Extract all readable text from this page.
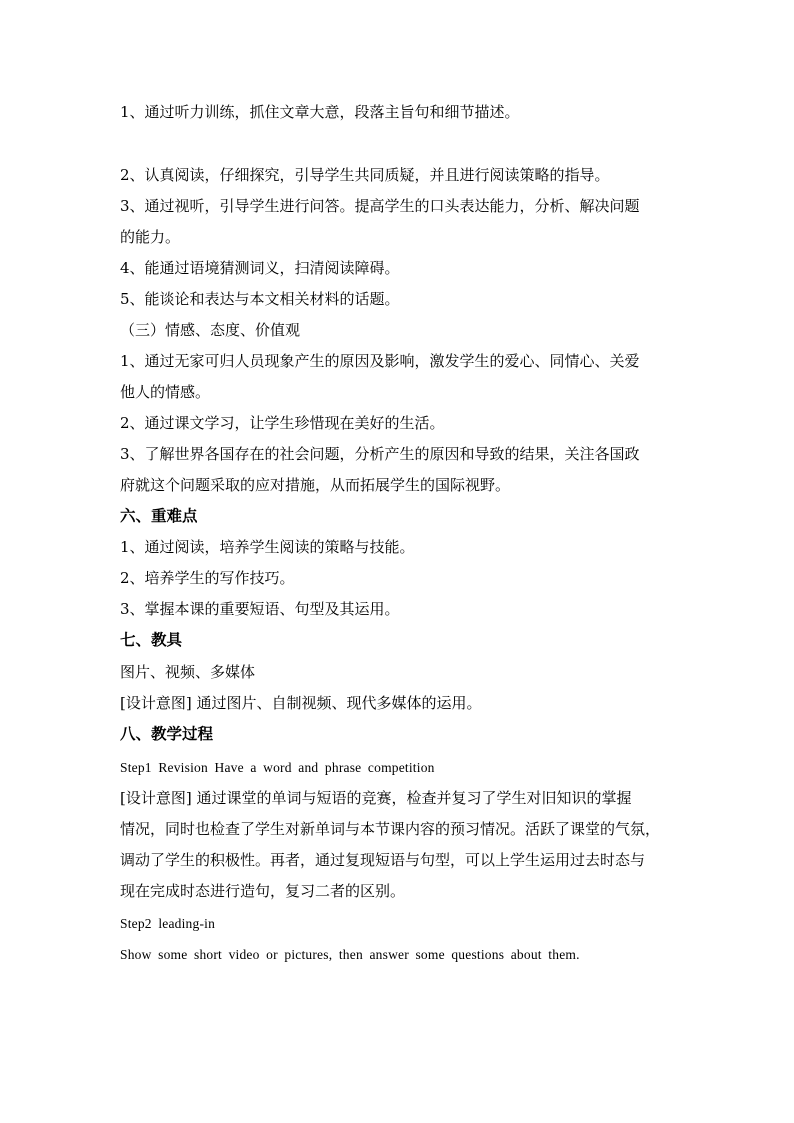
1、通过听力训练，抓住文章大意，段落主旨句和细节描述。
2、认真阅读，仔细探究，引导学生共同质疑，并且进行阅读策略的指导。
3、通过视听，引导学生进行问答。提高学生的口头表达能力，分析、解决问题
的能力。
4、能通过语境猜测词义，扫清阅读障碍。
5、能谈论和表达与本文相关材料的话题。
（三）情感、态度、价值观
1、通过无家可归人员现象产生的原因及影响，激发学生的爱心、同情心、关爱
他人的情感。
2、通过课文学习，让学生珍惜现在美好的生活。
3、了解世界各国存在的社会问题，分析产生的原因和导致的结果，关注各国政
府就这个问题采取的应对措施，从而拓展学生的国际视野。
六、重难点
1、通过阅读，培养学生阅读的策略与技能。
2、培养学生的写作技巧。
3、掌握本课的重要短语、句型及其运用。
七、教具
图片、视频、多媒体
[设计意图] 通过图片、自制视频、现代多媒体的运用。
八、教学过程
Step1 Revision Have a word and phrase competition
[设计意图] 通过课堂的单词与短语的竞赛，检查并复习了学生对旧知识的掌握
情况，同时也检查了学生对新单词与本节课内容的预习情况。活跃了课堂的气氛，
调动了学生的积极性。再者，通过复现短语与句型，可以上学生运用过去时态与
现在完成时态进行造句，复习二者的区别。
Step2 leading-in
Show some short video or pictures, then answer some questions about them.
